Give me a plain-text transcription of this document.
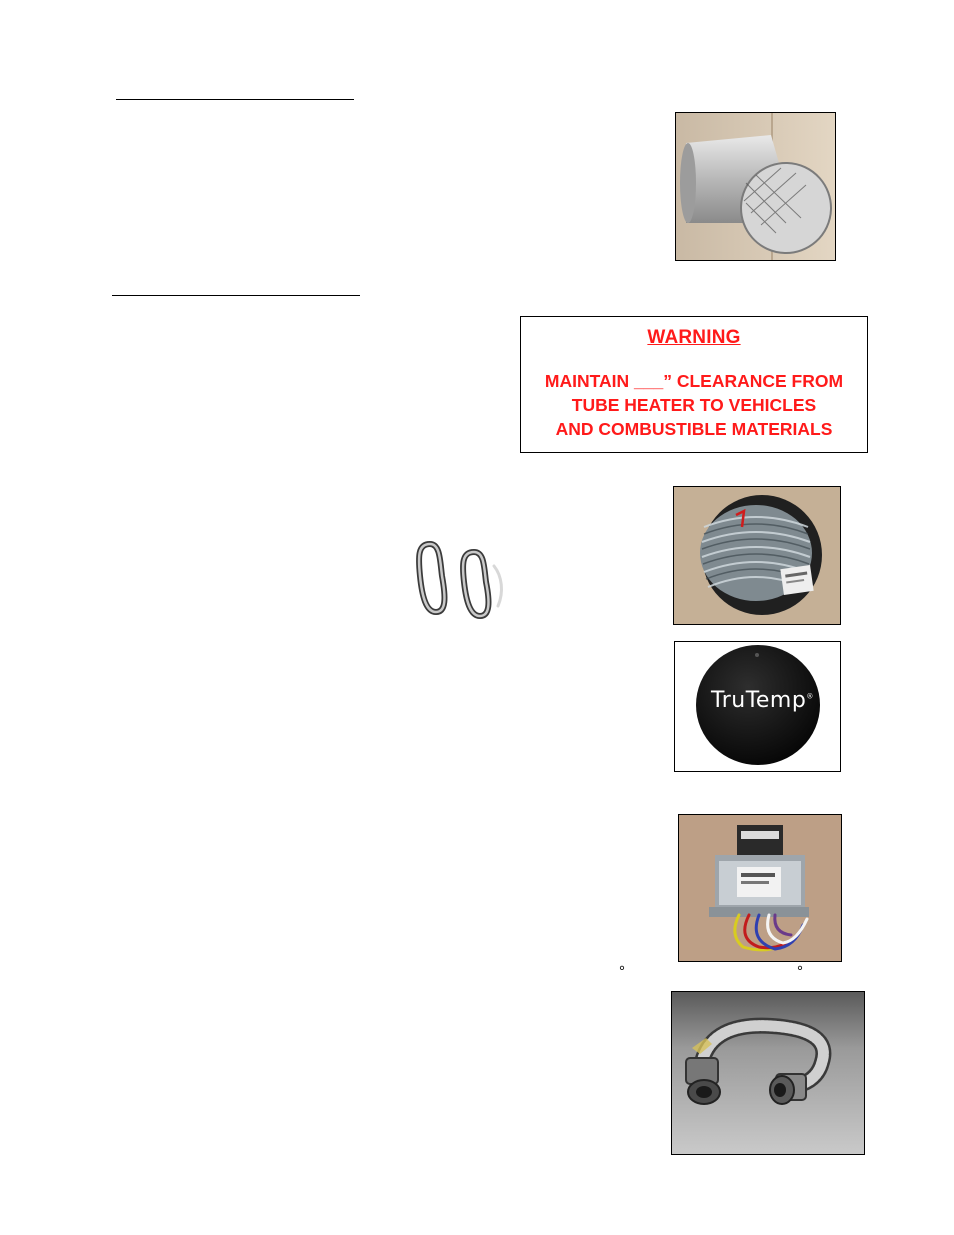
WARNING
MAINTAIN ___” CLEARANCE FROM
TUBE HEATER TO VEHICLES
AND COMBUSTIBLE MATERIALS
TruTemp®
°	°
